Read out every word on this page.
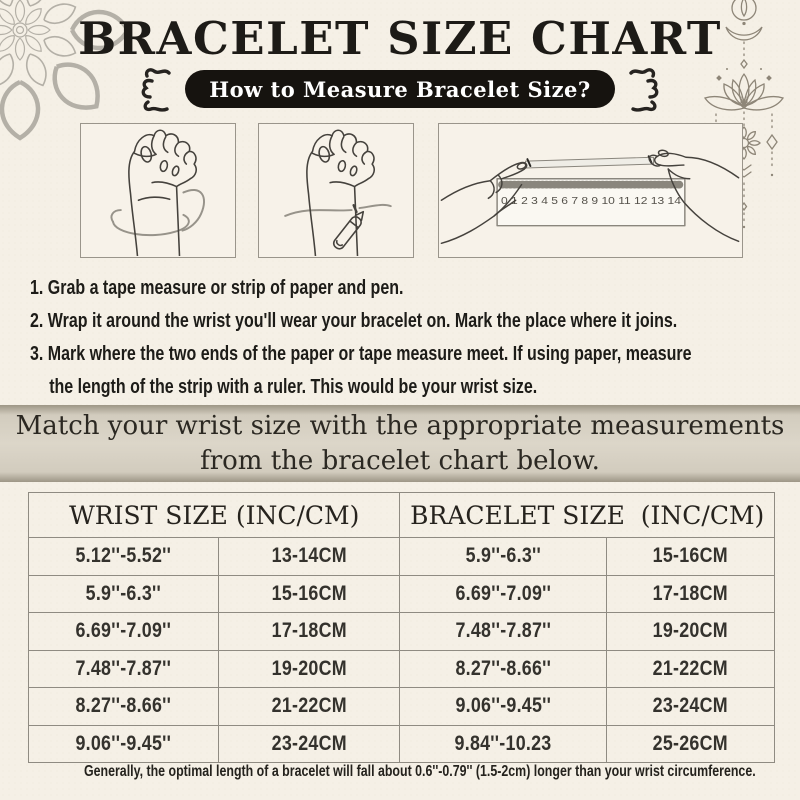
BRACELET SIZE CHART
How to Measure Bracelet Size?
0 1 2 3 4 5 6 7 8 9 10 11 12 13 14
1. Grab a tape measure or strip of paper and pen.
2. Wrap it around the wrist you'll wear your bracelet on. Mark the place where it joins.
3. Mark where the two ends of the paper or tape measure meet. If using paper, measure
the length of the strip with a ruler. This would be your wrist size.
Match your wrist size with the appropriate measurements
from the bracelet chart below.
WRIST SIZE (INC/CM)		BRACELET SIZE  (INC/CM)	
5.12''-5.52''	13-14CM	5.9''-6.3''	15-16CM
5.9''-6.3''	15-16CM	6.69''-7.09''	17-18CM
6.69''-7.09''	17-18CM	7.48''-7.87''	19-20CM
7.48''-7.87''	19-20CM	8.27''-8.66''	21-22CM
8.27''-8.66''	21-22CM	9.06''-9.45''	23-24CM
9.06''-9.45''	23-24CM	9.84''-10.23	25-26CM
Generally, the optimal length of a bracelet will fall about 0.6''-0.79'' (1.5-2cm) longer than your wrist circumference.
